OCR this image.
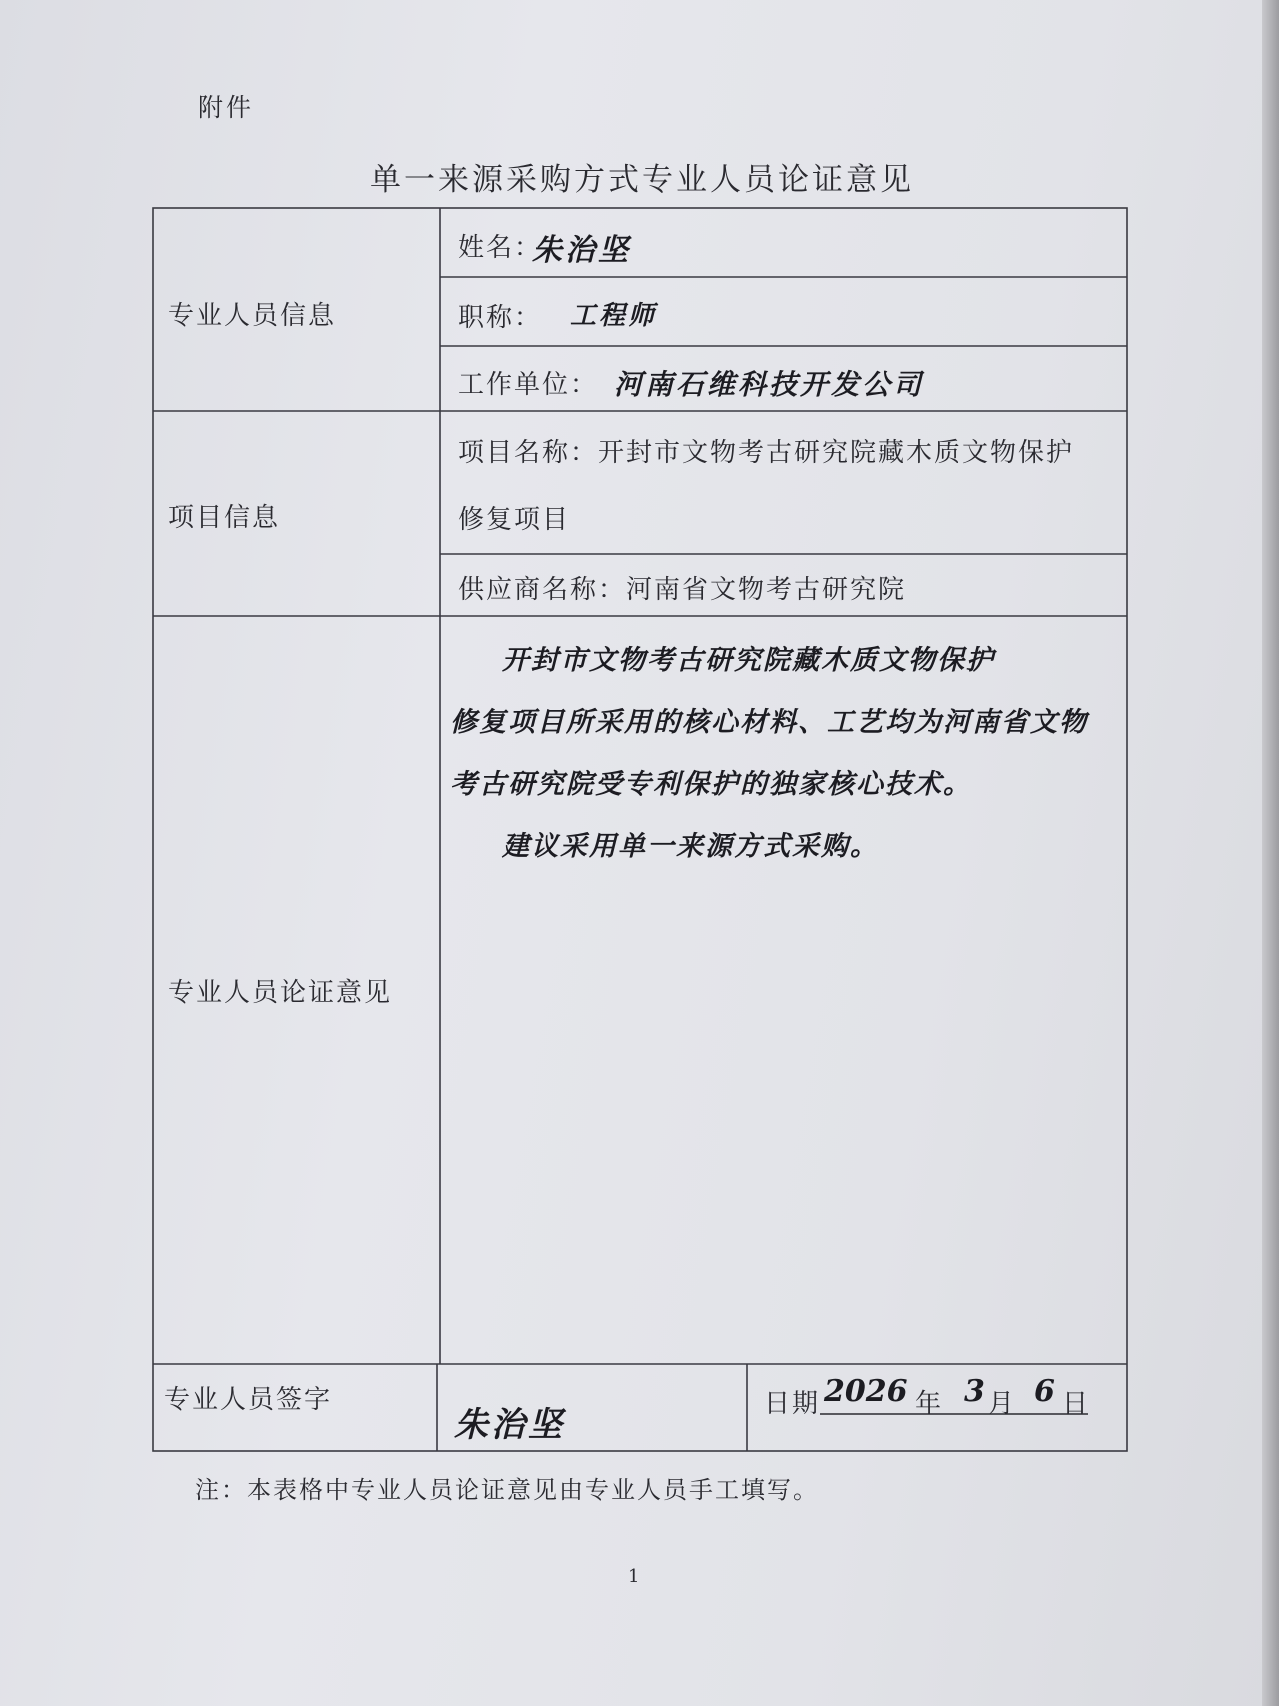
附件
单一来源采购方式专业人员论证意见
专业人员信息
姓名：
朱治坚
职称： 工程师
工作单位： 河南石维科技开发公司
项目信息
项目名称：开封市文物考古研究院藏木质文物保护
修复项目
供应商名称：河南省文物考古研究院
专业人员论证意见

开封市文物考古研究院藏木质文物保护

修复项目所采用的核心材料、工艺均为河南省文物

考古研究院受专利保护的独家核心技术。

建议采用单一来源方式采购。

专业人员签字
朱治坚
日期 2026 年 3 月 6 日
注：本表格中专业人员论证意见由专业人员手工填写。
1
